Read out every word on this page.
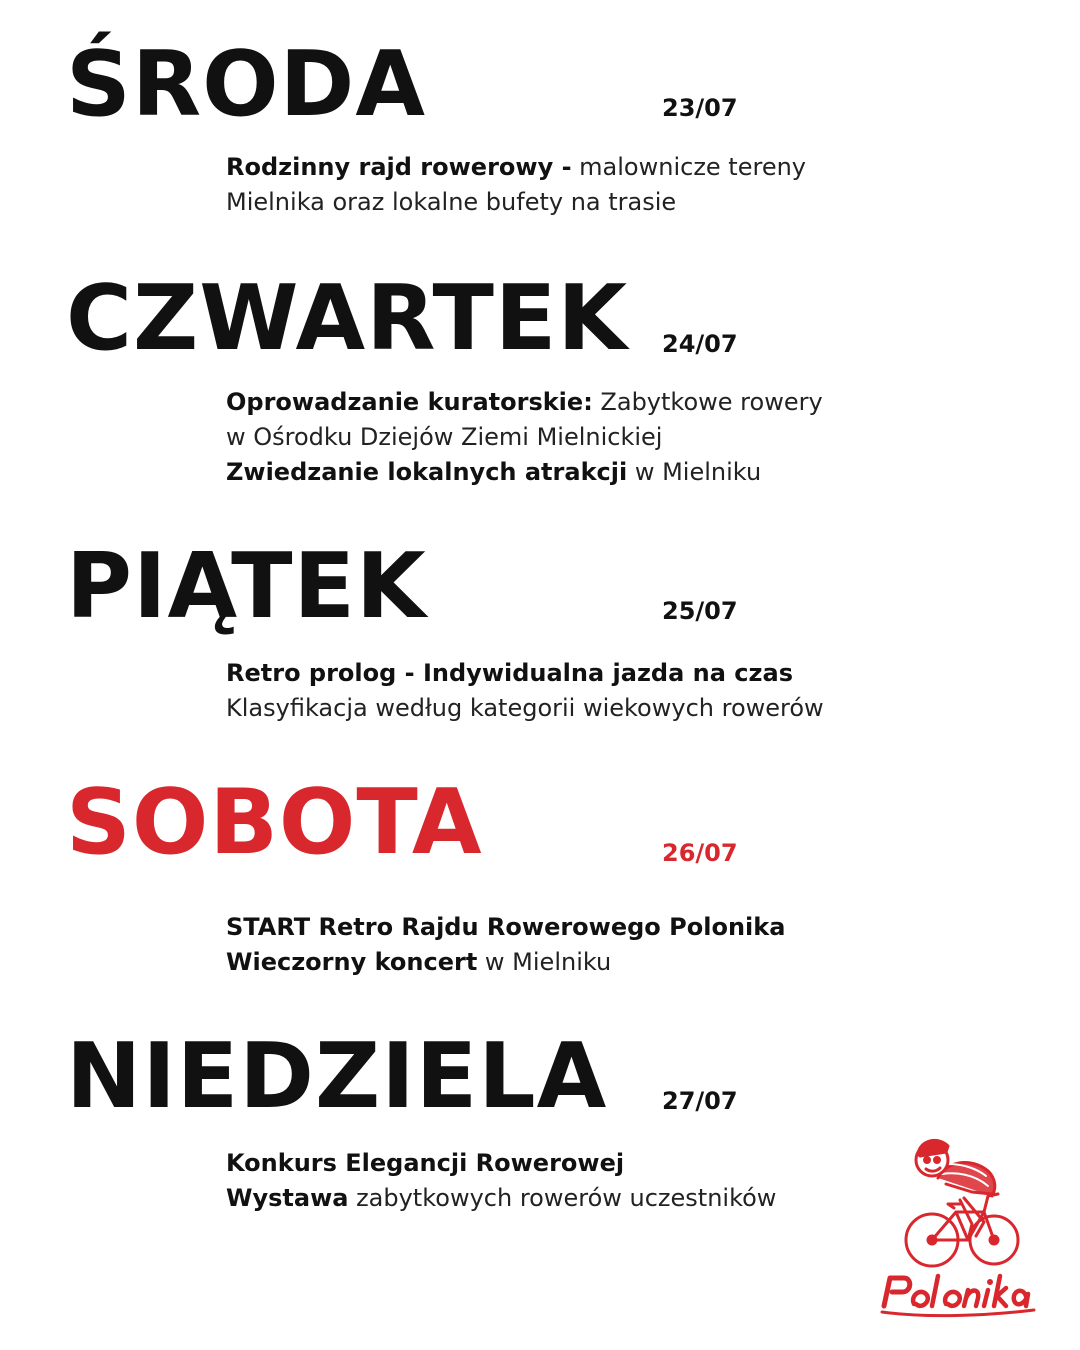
ŚRODA	23/07
Rodzinny rajd rowerowy - malownicze tereny
Mielnika oraz lokalne bufety na trasie
CZWARTEK 24/07
Oprowadzanie kuratorskie: Zabytkowe rowery
w Ośrodku Dziejów Ziemi Mielnickiej
Zwiedzanie lokalnych atrakcji w Mielniku
PIĄTEK	25/07
Retro prolog - Indywidualna jazda na czas
Klasyfikacja według kategorii wiekowych rowerów
SOBOTA	26/07
START Retro Rajdu Rowerowego Polonika
Wieczorny koncert w Mielniku
NIEDZIELA 27/07
Konkurs Elegancji Rowerowej
Wystawa zabytkowych rowerów uczestników
